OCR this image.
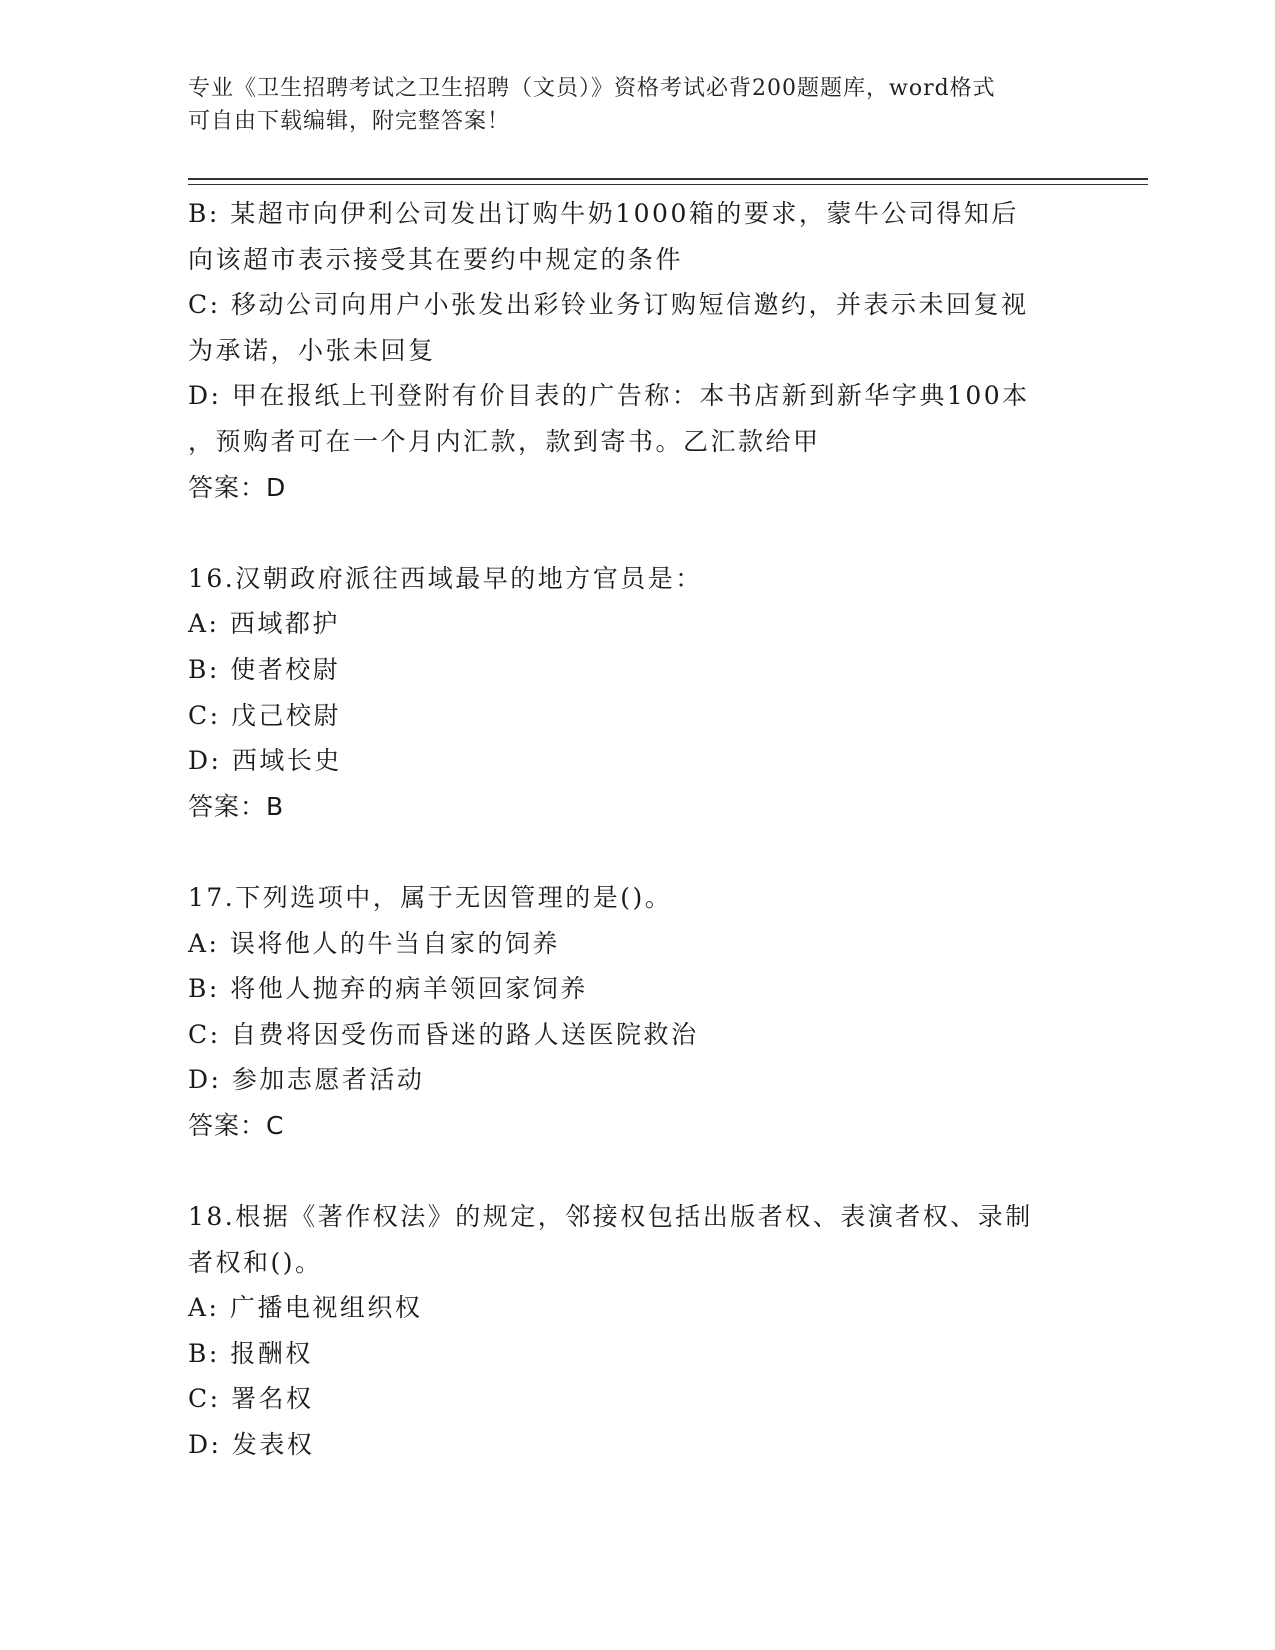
专业《卫生招聘考试之卫生招聘（文员）》资格考试必背200题题库，word格式
可自由下载编辑，附完整答案！
B: 某超市向伊利公司发出订购牛奶1000箱的要求，蒙牛公司得知后
向该超市表示接受其在要约中规定的条件
C: 移动公司向用户小张发出彩铃业务订购短信邀约，并表示未回复视
为承诺，小张未回复
D: 甲在报纸上刊登附有价目表的广告称：本书店新到新华字典100本
，预购者可在一个月内汇款，款到寄书。乙汇款给甲
答案：D
16.汉朝政府派往西域最早的地方官员是：
A: 西域都护
B: 使者校尉
C: 戊己校尉
D: 西域长史
答案：B
17.下列选项中，属于无因管理的是()。
A: 误将他人的牛当自家的饲养
B: 将他人抛弃的病羊领回家饲养
C: 自费将因受伤而昏迷的路人送医院救治
D: 参加志愿者活动
答案：C
18.根据《著作权法》的规定，邻接权包括出版者权、表演者权、录制
者权和()。
A: 广播电视组织权
B: 报酬权
C: 署名权
D: 发表权
